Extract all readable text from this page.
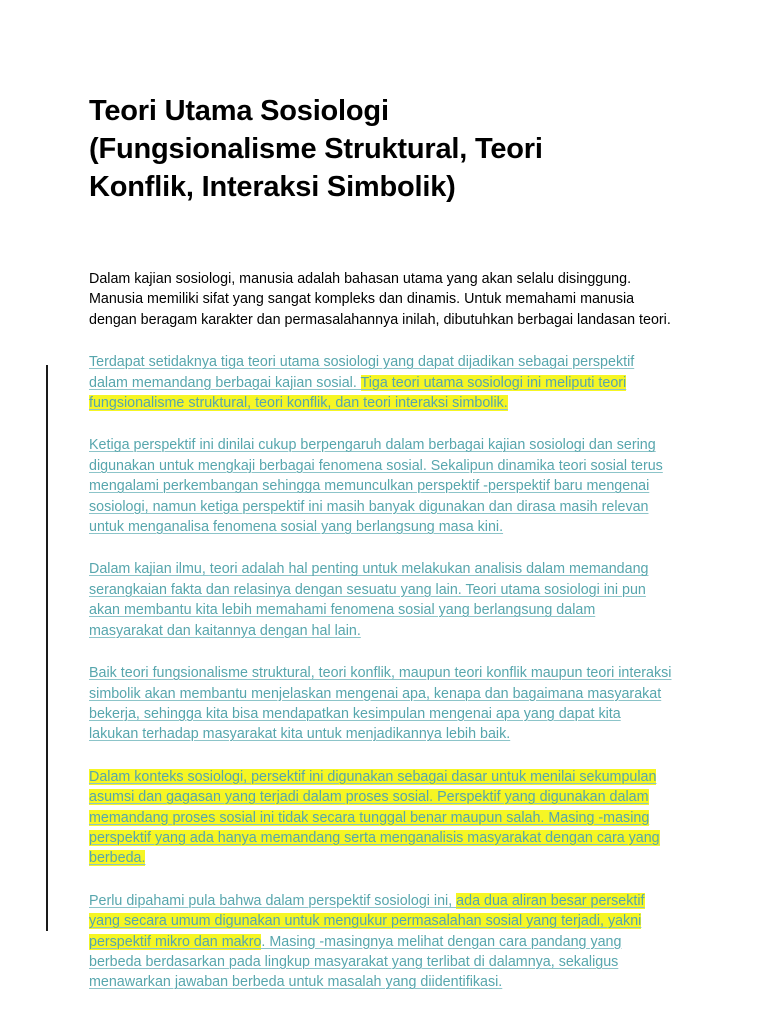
Teori Utama Sosiologi
(Fungsionalisme Struktural, Teori
Konflik, Interaksi Simbolik)

Dalam kajian sosiologi, manusia adalah bahasan utama yang akan selalu disinggung. Manusia memiliki sifat yang sangat kompleks dan dinamis. Untuk memahami manusia dengan beragam karakter dan permasalahannya inilah, dibutuhkan berbagai landasan teori.

Terdapat setidaknya tiga teori utama sosiologi yang dapat dijadikan sebagai perspektif dalam memandang berbagai kajian sosial. Tiga teori utama sosiologi ini meliputi teori fungsionalisme struktural, teori konflik, dan teori interaksi simbolik.

Ketiga perspektif ini dinilai cukup berpengaruh dalam berbagai kajian sosiologi dan sering digunakan untuk mengkaji berbagai fenomena sosial. Sekalipun dinamika teori sosial terus mengalami perkembangan sehingga memunculkan perspektif -perspektif baru mengenai sosiologi, namun ketiga perspektif ini masih banyak digunakan dan dirasa masih relevan untuk menganalisa fenomena sosial yang berlangsung masa kini.

Dalam kajian ilmu, teori adalah hal penting untuk melakukan analisis dalam memandang serangkaian fakta dan relasinya dengan sesuatu yang lain. Teori utama sosiologi ini pun akan membantu kita lebih memahami fenomena sosial yang berlangsung dalam masyarakat dan kaitannya dengan hal lain.

Baik teori fungsionalisme struktural, teori konflik, maupun teori konflik maupun teori interaksi simbolik akan membantu menjelaskan mengenai apa, kenapa dan bagaimana masyarakat bekerja, sehingga kita bisa mendapatkan kesimpulan mengenai apa yang dapat kita lakukan terhadap masyarakat kita untuk menjadikannya lebih baik.

Dalam konteks sosiologi, persektif ini digunakan sebagai dasar untuk menilai sekumpulan asumsi dan gagasan yang terjadi dalam proses sosial. Perspektif yang digunakan dalam memandang proses sosial ini tidak secara tunggal benar maupun salah. Masing -masing perspektif yang ada hanya memandang serta menganalisis masyarakat dengan cara yang berbeda.

Perlu dipahami pula bahwa dalam perspektif sosiologi ini, ada dua aliran besar persektif yang secara umum digunakan untuk mengukur permasalahan sosial yang terjadi, yakni perspektif mikro dan makro. Masing -masingnya melihat dengan cara pandang yang berbeda berdasarkan pada lingkup masyarakat yang terlibat di dalamnya, sekaligus menawarkan jawaban berbeda untuk masalah yang diidentifikasi.
